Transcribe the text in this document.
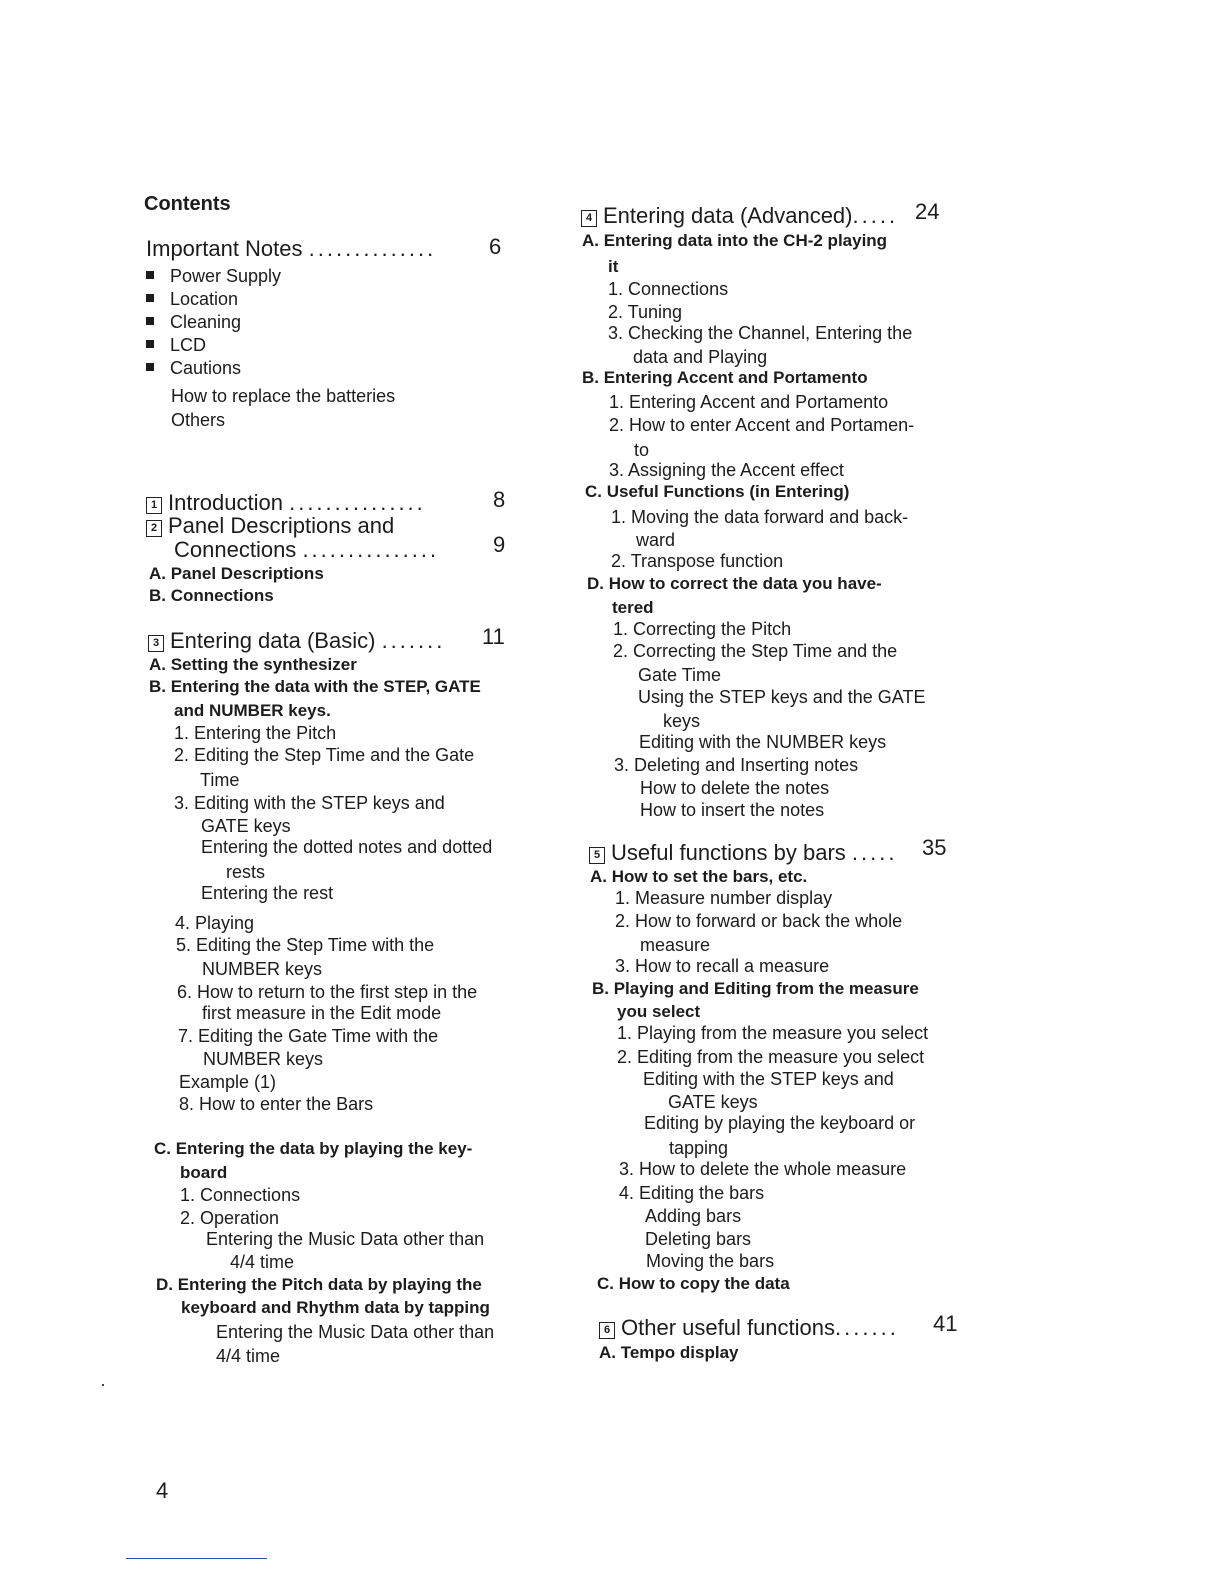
Contents
Important Notes .............. 6
Power Supply
Location
Cleaning
LCD
Cautions
How to replace the batteries
Others
1 Introduction ...............	8
2 Panel Descriptions and
Connections ............... 9
A. Panel Descriptions
B. Connections
3 Entering data (Basic) ....... 11
A. Setting the synthesizer
B. Entering the data with the STEP, GATE
and NUMBER keys.
1. Entering the Pitch
2. Editing the Step Time and the Gate
Time
3. Editing with the STEP keys and
GATE keys
Entering the dotted notes and dotted
rests
Entering the rest
4. Playing
5. Editing the Step Time with the
NUMBER keys
6. How to return to the first step in the
first measure in the Edit mode
7. Editing the Gate Time with the
NUMBER keys
Example (1)
8. How to enter the Bars
C. Entering the data by playing the key-
board
1. Connections
2. Operation
Entering the Music Data other than
4/4 time
D. Entering the Pitch data by playing the
keyboard and Rhythm data by tapping
Entering the Music Data other than
4/4 time
4 Entering data (Advanced)..... 24
A. Entering data into the CH-2 playing
it
1. Connections
2. Tuning
3. Checking the Channel, Entering the
data and Playing
B. Entering Accent and Portamento
1. Entering Accent and Portamento
2. How to enter Accent and Portamen-
to
3. Assigning the Accent effect
C. Useful Functions (in Entering)
1. Moving the data forward and back-
ward
2. Transpose function
D. How to correct the data you have-
tered
1. Correcting the Pitch
2. Correcting the Step Time and the
Gate Time
Using the STEP keys and the GATE
keys
Editing with the NUMBER keys
3. Deleting and Inserting notes
How to delete the notes
How to insert the notes
5 Useful functions by bars ..... 35
A. How to set the bars, etc.
1. Measure number display
2. How to forward or back the whole
measure
3. How to recall a measure
B. Playing and Editing from the measure
you select
1. Playing from the measure you select
2. Editing from the measure you select
Editing with the STEP keys and
GATE keys
Editing by playing the keyboard or
tapping
3. How to delete the whole measure
4. Editing the bars
Adding bars
Deleting bars
Moving the bars
C. How to copy the data
6 Other useful functions....... 41
A. Tempo display
4
